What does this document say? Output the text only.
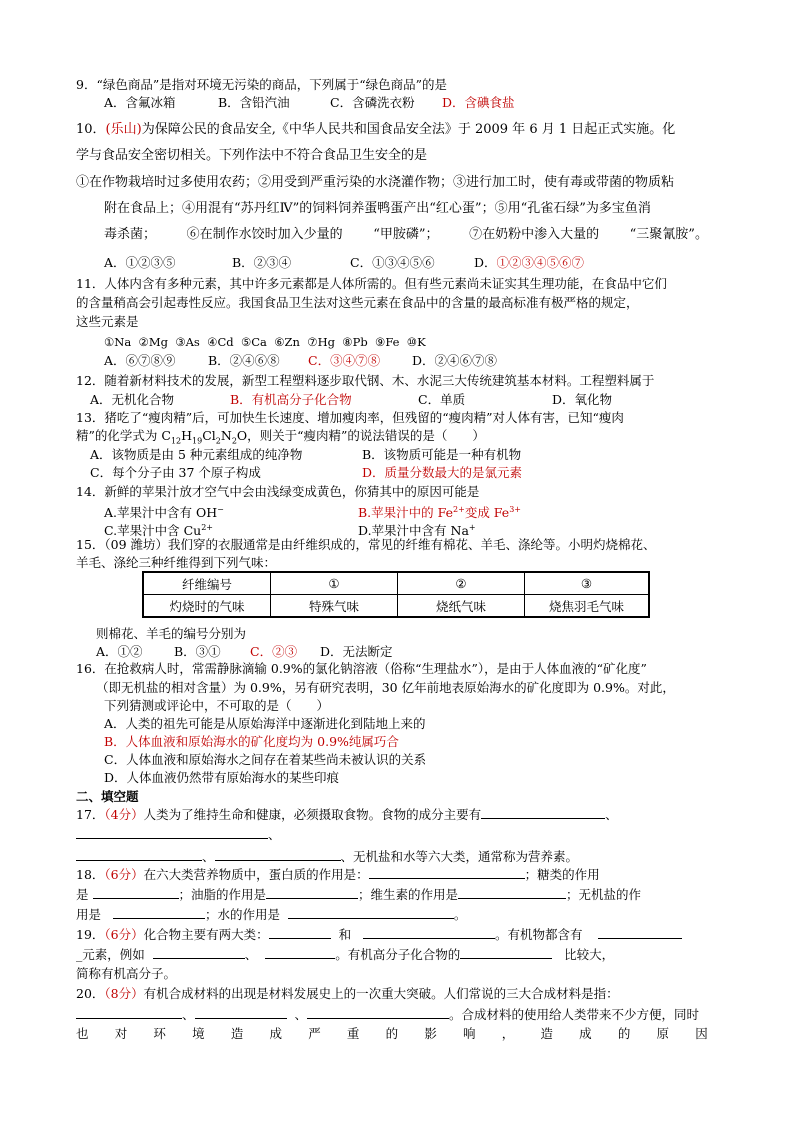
9．“绿色商品”是指对环境无污染的商品，下列属于“绿色商品”的是
A．含氟冰箱	B．含铅汽油	C．含磷洗衣粉 D．含碘食盐
10．(乐山)为保障公民的食品安全,《中华人民共和国食品安全法》于 2009 年 6 月 1 日起正式实施。化
学与食品安全密切相关。下列作法中不符合食品卫生安全的是
①在作物栽培时过多使用农药；②用受到严重污染的水浇灌作物；③进行加工时，使有毒或带菌的物质粘
附在食品上；④用混有“苏丹红Ⅳ”的饲料饲养蛋鸭蛋产出“红心蛋”；⑤用“孔雀石绿”为多宝鱼消
毒杀菌； ⑥在制作水饺时加入少量的 “甲胺磷”； ⑦在奶粉中渗入大量的 “三聚氰胺”。
A．①②③⑤	B．②③④	C．①③④⑤⑥	D．①②③④⑤⑥⑦
11．人体内含有多种元素，其中许多元素都是人体所需的。但有些元素尚未证实其生理功能，在食品中它们
的含量稍高会引起毒性反应。我国食品卫生法对这些元素在食品中的含量的最高标准有极严格的规定，
这些元素是
①Na ②Mg ③As ④Cd ⑤Ca ⑥Zn ⑦Hg ⑧Pb ⑨Fe ⑩K
A．⑥⑦⑧⑨	B．②④⑥⑧ C．③④⑦⑧	D．②④⑥⑦⑧
12．随着新材料技术的发展，新型工程塑料逐步取代钢、木、水泥三大传统建筑基本材料。工程塑料属于
A．无机化合物	B．有机高分子化合物	C．单质	D．氧化物
13．猪吃了“瘦肉精”后，可加快生长速度、增加瘦肉率，但残留的“瘦肉精”对人体有害，已知“瘦肉
精”的化学式为 $C_{12}H_{19}Cl_2N_2O$，则关于“瘦肉精”的说法错误的是（　　）
A．该物质是由 5 种元素组成的纯净物	B．该物质可能是一种有机物
C．每个分子由 37 个原子构成	D．质量分数最大的是氯元素
14．新鲜的苹果汁放才空气中会由浅绿变成黄色，你猜其中的原因可能是
A.苹果汁中含有 OH−	B.苹果汁中的 $Fe^{2+}$变成 $Fe^{3+}$
C.苹果汁中含 $Cu^{2+}$	D.苹果汁中含有 Na+
15．（09 潍坊）我们穿的衣服通常是由纤维织成的，常见的纤维有棉花、羊毛、涤纶等。小明灼烧棉花、
羊毛、涤纶三种纤维得到下列气味：
纤维编号	①	②	③
灼烧时的气味	特殊气味	烧纸气味	烧焦羽毛气味
则棉花、羊毛的编号分别为
A．①②	B．③① C．②③ D．无法断定
16．在抢救病人时，常需静脉滴输 0.9%的氯化钠溶液（俗称“生理盐水”），是由于人体血液的“矿化度”
（即无机盐的相对含量）为 0.9%，另有研究表明，30 亿年前地表原始海水的矿化度即为 0.9%。对此，
下列猜测或评论中，不可取的是（　　）
A．人类的祖先可能是从原始海洋中逐渐进化到陆地上来的
B．人体血液和原始海水的矿化度均为 0.9%纯属巧合
C．人体血液和原始海水之间存在着某些尚未被认识的关系
D．人体血液仍然带有原始海水的某些印痕
二、填空题
17．（4分）人类为了维持生命和健康，必须摄取食物。食物的成分主要有	、
、
、	、无机盐和水等六大类，通常称为营养素。
18．（6分）在六大类营养物质中，蛋白质的作用是：	；糖类的作用
是	；油脂的作用是	；维生素的作用是	；无机盐的作
用是	；水的作用是	。
19．（6分）化合物主要有两大类：	和	。有机物都含有
_元素，例如	、	。有机高分子化合物的	比较大，
简称有机高分子。
20．（8分）有机合成材料的出现是材料发展史上的一次重大突破。人们常说的三大合成材料是指：
、	、	。合成材料的使用给人类带来不少方便，同时
也 对 环 境 造 成 严 重 的 影 响 ， 造 成 的 原 因
